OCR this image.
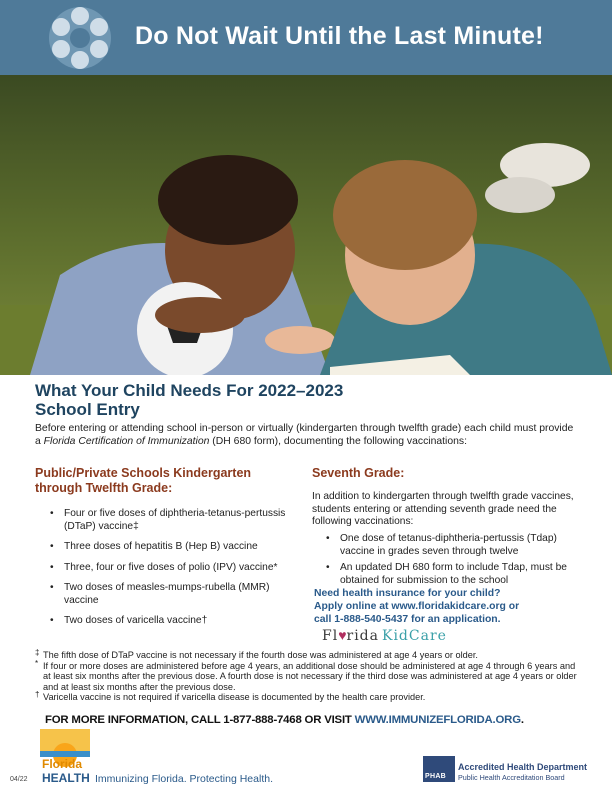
Do Not Wait Until the Last Minute!
What Your Child Needs For 2022–2023
School Entry
Before entering or attending school in-person or virtually (kindergarten through twelfth grade) each child must provide a Florida Certification of Immunization (DH 680 form), documenting the following vaccinations:
Public/Private Schools Kindergarten
through Twelfth Grade:
• Four or five doses of diphtheria-tetanus-pertussis (DTaP) vaccine‡
• Three doses of hepatitis B (Hep B) vaccine
• Three, four or five doses of polio (IPV) vaccine*
• Two doses of measles-mumps-rubella (MMR) vaccine
• Two doses of varicella vaccine†
Seventh Grade:
In addition to kindergarten through twelfth grade vaccines, students entering or attending seventh grade need the following vaccinations:
• One dose of tetanus-diphtheria-pertussis (Tdap) vaccine in grades seven through twelve
• An updated DH 680 form to include Tdap, must be obtained for submission to the school
Need health insurance for your child?
Apply online at www.floridakidcare.org or
call 1-888-540-5437 for an application.
Fl♥rida KidCare
‡ The fifth dose of DTaP vaccine is not necessary if the fourth dose was administered at age 4 years or older.
* If four or more doses are administered before age 4 years, an additional dose should be administered at age 4 through 6 years and at least six months after the previous dose. A fourth dose is not necessary if the third dose was administered at age 4 years or older and at least six months after the previous dose.
† Varicella vaccine is not required if varicella disease is documented by the health care provider.
FOR MORE INFORMATION, CALL 1-877-888-7468 OR VISIT WWW.IMMUNIZEFLORIDA.ORG.
Florida
HEALTH Immunizing Florida. Protecting Health.
04/22	PHAB
Accredited Health Department
Public Health Accreditation Board
